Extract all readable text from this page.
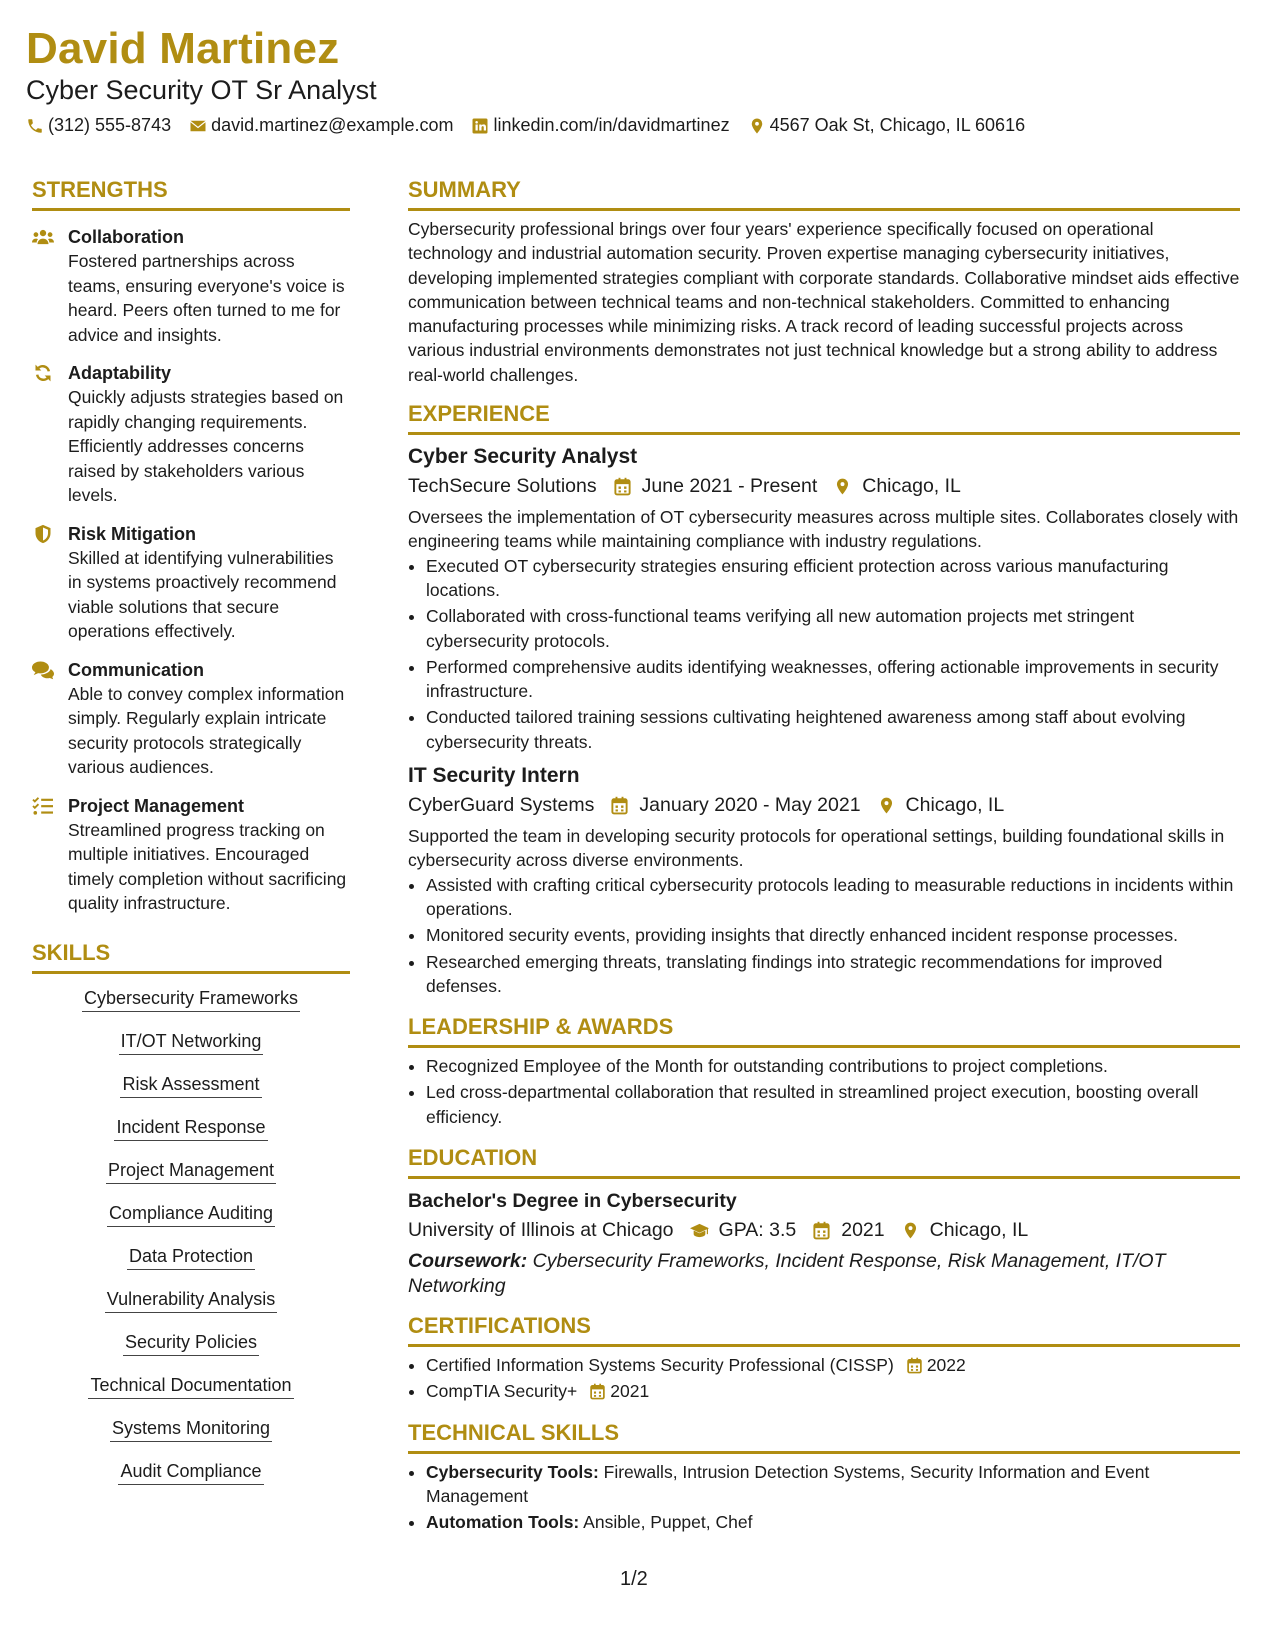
David Martinez
Cyber Security OT Sr Analyst
(312) 555-8743 david.martinez@example.com linkedin.com/in/davidmartinez 4567 Oak St, Chicago, IL 60616
STRENGTHS
Collaboration
Fostered partnerships across teams, ensuring everyone's voice is heard. Peers often turned to me for advice and insights.
Adaptability
Quickly adjusts strategies based on rapidly changing requirements. Efficiently addresses concerns raised by stakeholders various levels.
Risk Mitigation
Skilled at identifying vulnerabilities in systems proactively recommend viable solutions that secure operations effectively.
Communication
Able to convey complex information simply. Regularly explain intricate security protocols strategically various audiences.
Project Management
Streamlined progress tracking on multiple initiatives. Encouraged timely completion without sacrificing quality infrastructure.
SKILLS
Cybersecurity Frameworks
IT/OT Networking
Risk Assessment
Incident Response
Project Management
Compliance Auditing
Data Protection
Vulnerability Analysis
Security Policies
Technical Documentation
Systems Monitoring
Audit Compliance
SUMMARY
Cybersecurity professional brings over four years' experience specifically focused on operational technology and industrial automation security. Proven expertise managing cybersecurity initiatives, developing implemented strategies compliant with corporate standards. Collaborative mindset aids effective communication between technical teams and non-technical stakeholders. Committed to enhancing manufacturing processes while minimizing risks. A track record of leading successful projects across various industrial environments demonstrates not just technical knowledge but a strong ability to address real-world challenges.
EXPERIENCE
Cyber Security Analyst
TechSecure Solutions June 2021 - Present Chicago, IL
Oversees the implementation of OT cybersecurity measures across multiple sites. Collaborates closely with engineering teams while maintaining compliance with industry regulations.
• Executed OT cybersecurity strategies ensuring efficient protection across various manufacturing locations.
• Collaborated with cross-functional teams verifying all new automation projects met stringent cybersecurity protocols.
• Performed comprehensive audits identifying weaknesses, offering actionable improvements in security infrastructure.
• Conducted tailored training sessions cultivating heightened awareness among staff about evolving cybersecurity threats.
IT Security Intern
CyberGuard Systems January 2020 - May 2021 Chicago, IL
Supported the team in developing security protocols for operational settings, building foundational skills in cybersecurity across diverse environments.
• Assisted with crafting critical cybersecurity protocols leading to measurable reductions in incidents within operations.
• Monitored security events, providing insights that directly enhanced incident response processes.
• Researched emerging threats, translating findings into strategic recommendations for improved defenses.
LEADERSHIP & AWARDS
• Recognized Employee of the Month for outstanding contributions to project completions.
• Led cross-departmental collaboration that resulted in streamlined project execution, boosting overall efficiency.
EDUCATION
Bachelor's Degree in Cybersecurity
University of Illinois at Chicago GPA: 3.5 2021 Chicago, IL
Coursework: Cybersecurity Frameworks, Incident Response, Risk Management, IT/OT Networking
CERTIFICATIONS
• Certified Information Systems Security Professional (CISSP) 2022
• CompTIA Security+ 2021
TECHNICAL SKILLS
• Cybersecurity Tools: Firewalls, Intrusion Detection Systems, Security Information and Event Management
• Automation Tools: Ansible, Puppet, Chef
1/2
